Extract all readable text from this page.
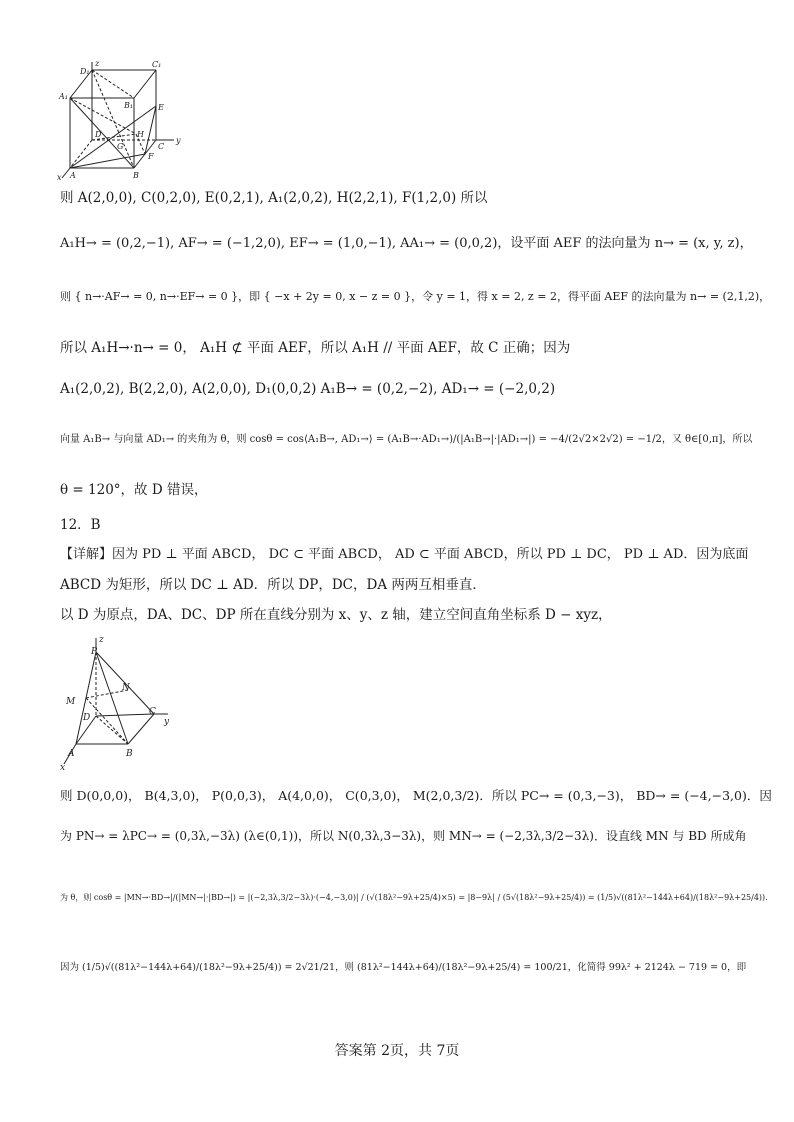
D₁
z	C₁
A₁
B₁	E
D	H
G
F
C
y
A	B
x
则 A(2,0,0), C(0,2,0), E(0,2,1), A₁(2,0,2), H(2,2,1), F(1,2,0) 所以
A₁H→ = (0,2,−1), AF→ = (−1,2,0), EF→ = (1,0,−1), AA₁→ = (0,0,2)，设平面 AEF 的法向量为 n→ = (x, y, z)，
则 { n→·AF→ = 0, n→·EF→ = 0 }，即 { −x + 2y = 0, x − z = 0 }，令 y = 1，得 x = 2, z = 2，得平面 AEF 的法向量为 n→ = (2,1,2)，
所以 A₁H→·n→ = 0， A₁H ⊄ 平面 AEF，所以 A₁H // 平面 AEF，故 C 正确；因为
A₁(2,0,2), B(2,2,0), A(2,0,0), D₁(0,0,2) A₁B→ = (0,2,−2), AD₁→ = (−2,0,2)
向量 A₁B→ 与向量 AD₁→ 的夹角为 θ，则 cosθ = cos⟨A₁B→, AD₁→⟩ = (A₁B→·AD₁→)/(|A₁B→|·|AD₁→|) = −4/(2√2×2√2) = −1/2，又 θ∈[0,π]，所以
θ = 120°，故 D 错误，
12．B
【详解】因为 PD ⊥ 平面 ABCD， DC ⊂ 平面 ABCD， AD ⊂ 平面 ABCD，所以 PD ⊥ DC， PD ⊥ AD．因为底面
ABCD 为矩形，所以 DC ⊥ AD．所以 DP，DC，DA 两两互相垂直．
以 D 为原点，DA、DC、DP 所在直线分别为 x、y、z 轴，建立空间直角坐标系 D − xyz，
z
P
N
M
D
C
y
A	B
x
则 D(0,0,0)， B(4,3,0)， P(0,0,3)， A(4,0,0)， C(0,3,0)， M(2,0,3/2)．所以 PC→ = (0,3,−3)， BD→ = (−4,−3,0)．因
为 PN→ = λPC→ = (0,3λ,−3λ) (λ∈(0,1))，所以 N(0,3λ,3−3λ)，则 MN→ = (−2,3λ,3/2−3λ)．设直线 MN 与 BD 所成角
为 θ，则 cosθ = |MN→·BD→|/(|MN→|·|BD→|) = |(−2,3λ,3/2−3λ)·(−4,−3,0)| / (√(18λ²−9λ+25/4)×5) = |8−9λ| / (5√(18λ²−9λ+25/4)) = (1/5)√((81λ²−144λ+64)/(18λ²−9λ+25/4))．
因为 (1/5)√((81λ²−144λ+64)/(18λ²−9λ+25/4)) = 2√21/21，则 (81λ²−144λ+64)/(18λ²−9λ+25/4) = 100/21，化简得 99λ² + 2124λ − 719 = 0，即
答案第 2页，共 7页
